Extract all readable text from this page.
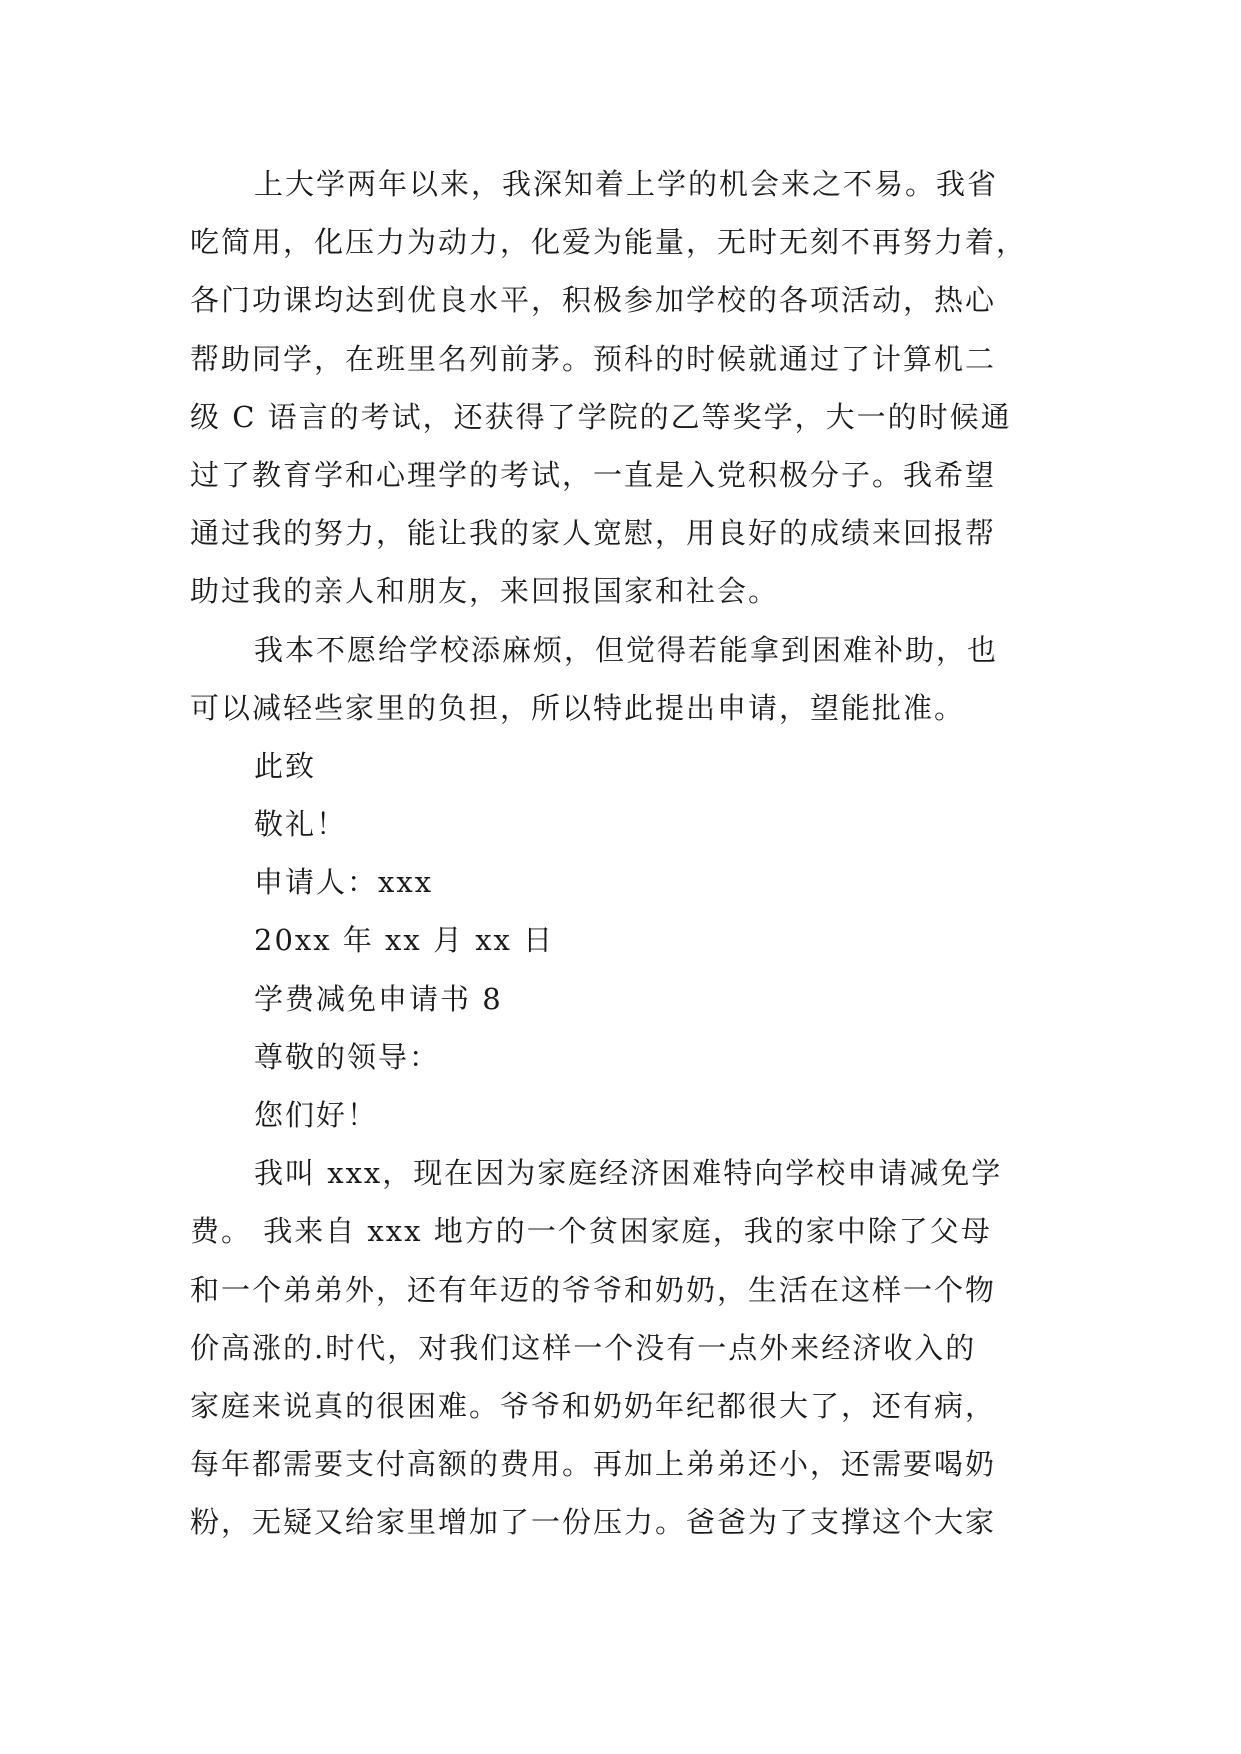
上大学两年以来，我深知着上学的机会来之不易。我省
吃简用，化压力为动力，化爱为能量，无时无刻不再努力着，
各门功课均达到优良水平，积极参加学校的各项活动，热心
帮助同学，在班里名列前茅。预科的时候就通过了计算机二
级 C 语言的考试，还获得了学院的乙等奖学，大一的时候通
过了教育学和心理学的考试，一直是入党积极分子。我希望
通过我的努力，能让我的家人宽慰，用良好的成绩来回报帮
助过我的亲人和朋友，来回报国家和社会。
我本不愿给学校添麻烦，但觉得若能拿到困难补助，也
可以减轻些家里的负担，所以特此提出申请，望能批准。
此致
敬礼！
申请人：xxx
20xx 年 xx 月 xx 日
学费减免申请书 8
尊敬的领导：
您们好！
我叫 xxx，现在因为家庭经济困难特向学校申请减免学
费。 我来自 xxx 地方的一个贫困家庭，我的家中除了父母
和一个弟弟外，还有年迈的爷爷和奶奶，生活在这样一个物
价高涨的.时代，对我们这样一个没有一点外来经济收入的
家庭来说真的很困难。爷爷和奶奶年纪都很大了，还有病，
每年都需要支付高额的费用。再加上弟弟还小，还需要喝奶
粉，无疑又给家里增加了一份压力。爸爸为了支撑这个大家
